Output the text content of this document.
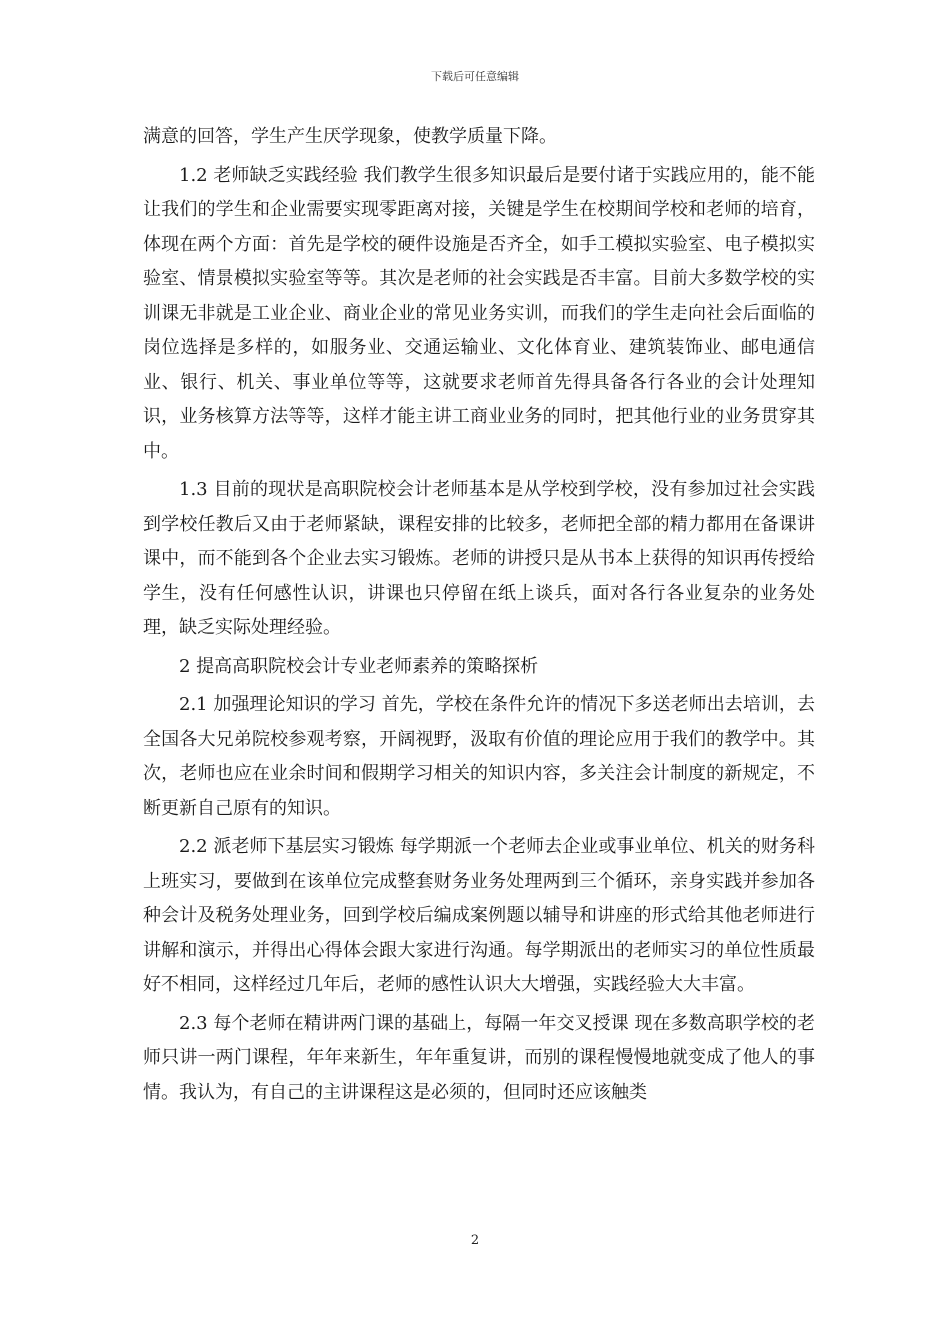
下载后可任意编辑

满意的回答，学生产生厌学现象，使教学质量下降。

1.2 老师缺乏实践经验 我们教学生很多知识最后是要付诸于实践应用的，能不能让我们的学生和企业需要实现零距离对接，关键是学生在校期间学校和老师的培育，体现在两个方面：首先是学校的硬件设施是否齐全，如手工模拟实验室、电子模拟实验室、情景模拟实验室等等。其次是老师的社会实践是否丰富。目前大多数学校的实训课无非就是工业企业、商业企业的常见业务实训，而我们的学生走向社会后面临的岗位选择是多样的，如服务业、交通运输业、文化体育业、建筑装饰业、邮电通信业、银行、机关、事业单位等等，这就要求老师首先得具备各行各业的会计处理知识，业务核算方法等等，这样才能主讲工商业业务的同时，把其他行业的业务贯穿其中。

1.3 目前的现状是高职院校会计老师基本是从学校到学校，没有参加过社会实践 到学校任教后又由于老师紧缺，课程安排的比较多，老师把全部的精力都用在备课讲课中，而不能到各个企业去实习锻炼。老师的讲授只是从书本上获得的知识再传授给学生，没有任何感性认识，讲课也只停留在纸上谈兵，面对各行各业复杂的业务处理，缺乏实际处理经验。

2 提高高职院校会计专业老师素养的策略探析

2.1 加强理论知识的学习 首先，学校在条件允许的情况下多送老师出去培训，去全国各大兄弟院校参观考察，开阔视野，汲取有价值的理论应用于我们的教学中。其次，老师也应在业余时间和假期学习相关的知识内容，多关注会计制度的新规定，不断更新自己原有的知识。

2.2 派老师下基层实习锻炼 每学期派一个老师去企业或事业单位、机关的财务科上班实习，要做到在该单位完成整套财务业务处理两到三个循环，亲身实践并参加各种会计及税务处理业务，回到学校后编成案例题以辅导和讲座的形式给其他老师进行讲解和演示，并得出心得体会跟大家进行沟通。每学期派出的老师实习的单位性质最好不相同，这样经过几年后，老师的感性认识大大增强，实践经验大大丰富。

2.3 每个老师在精讲两门课的基础上，每隔一年交叉授课 现在多数高职学校的老师只讲一两门课程，年年来新生，年年重复讲，而别的课程慢慢地就变成了他人的事情。我认为，有自己的主讲课程这是必须的，但同时还应该触类

2
